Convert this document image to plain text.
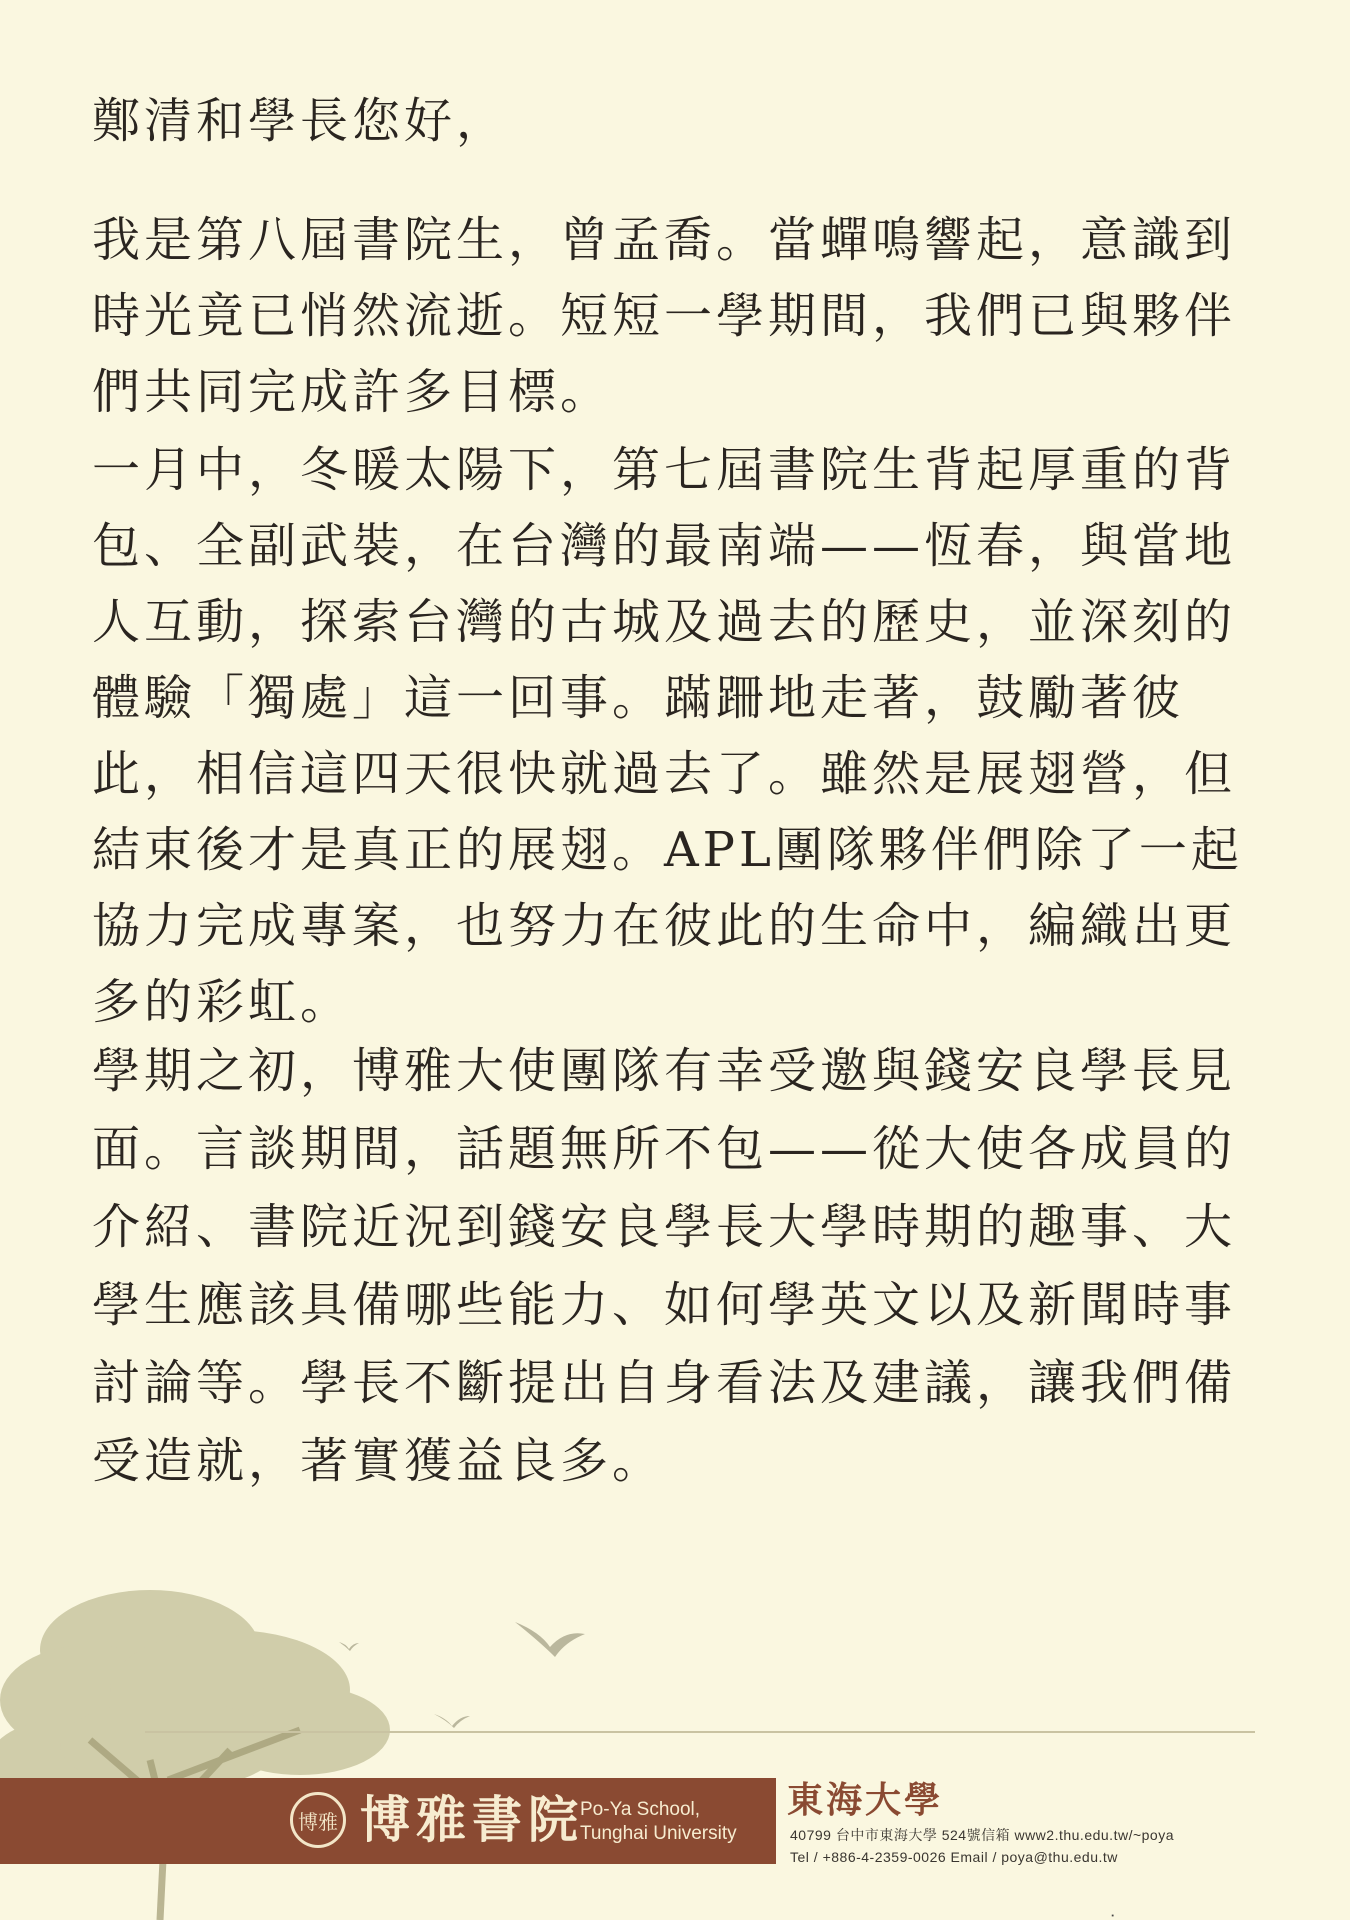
鄭清和學長您好，

我是第八屆書院生，曾孟喬。當蟬鳴響起，意識到時光竟已悄然流逝。短短一學期間，我們已與夥伴們共同完成許多目標。

一月中，冬暖太陽下，第七屆書院生背起厚重的背包、全副武裝，在台灣的最南端——恆春，與當地人互動，探索台灣的古城及過去的歷史，並深刻的體驗「獨處」這一回事。蹣跚地走著，鼓勵著彼此，相信這四天很快就過去了。雖然是展翅營，但結束後才是真正的展翅。APL團隊夥伴們除了一起協力完成專案，也努力在彼此的生命中，編織出更多的彩虹。

學期之初，博雅大使團隊有幸受邀與錢安良學長見面。言談期間，話題無所不包——從大使各成員的介紹、書院近況到錢安良學長大學時期的趣事、大學生應該具備哪些能力、如何學英文以及新聞時事討論等。學長不斷提出自身看法及建議，讓我們備受造就，著實獲益良多。

博雅 博雅書院
Po-Ya School,
Tunghai University
東海大學
40799 台中市東海大學 524號信箱 www2.thu.edu.tw/~poya
Tel / +886-4-2359-0026 Email / poya@thu.edu.tw
ᐧ
